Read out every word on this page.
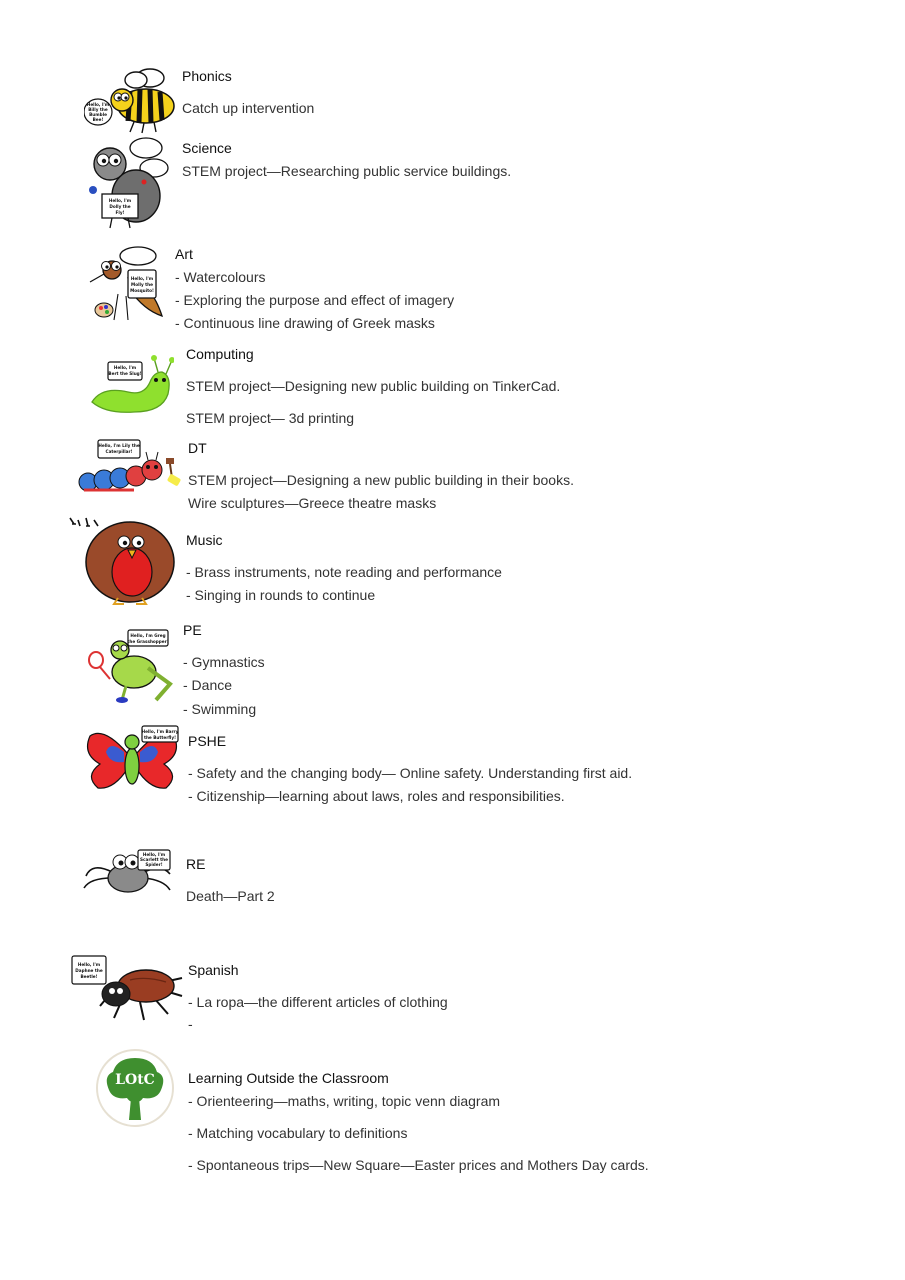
Hello, I'm Billy the Bumble Bee!
Phonics
Catch up intervention
Hello, I'm Dolly the Fly!
Science
STEM project—Researching public service buildings.
Hello, I'm Molly the Mosquito!
Art
- Watercolours
- Exploring the purpose and effect of imagery
- Continuous line drawing of Greek masks
Hello, I'm Bert the Slug!
Computing
STEM project—Designing new public building on TinkerCad.
STEM project— 3d printing
Hello, I'm Lily the Caterpillar!	DT
STEM project—Designing a new public building in their books.
Wire sculptures—Greece theatre masks
Music
- Brass instruments, note reading and performance
- Singing in rounds to continue
Hello, I'm Greg the Grasshopper!
PE
- Gymnastics
- Dance
- Swimming
Hello, I'm Barry the Butterfly! PSHE
- Safety and the changing body— Online safety. Understanding first aid.
- Citizenship—learning about laws, roles and responsibilities.
Hello, I'm Scarlett the Spider!	RE
Death—Part 2
Hello, I'm Daphne the Beetle!	Spanish
- La ropa—the different articles of clothing
-
LOtC Learning Outside the Classroom
- Orienteering—maths, writing, topic venn diagram
- Matching vocabulary to definitions
- Spontaneous trips—New Square—Easter prices and Mothers Day cards.
